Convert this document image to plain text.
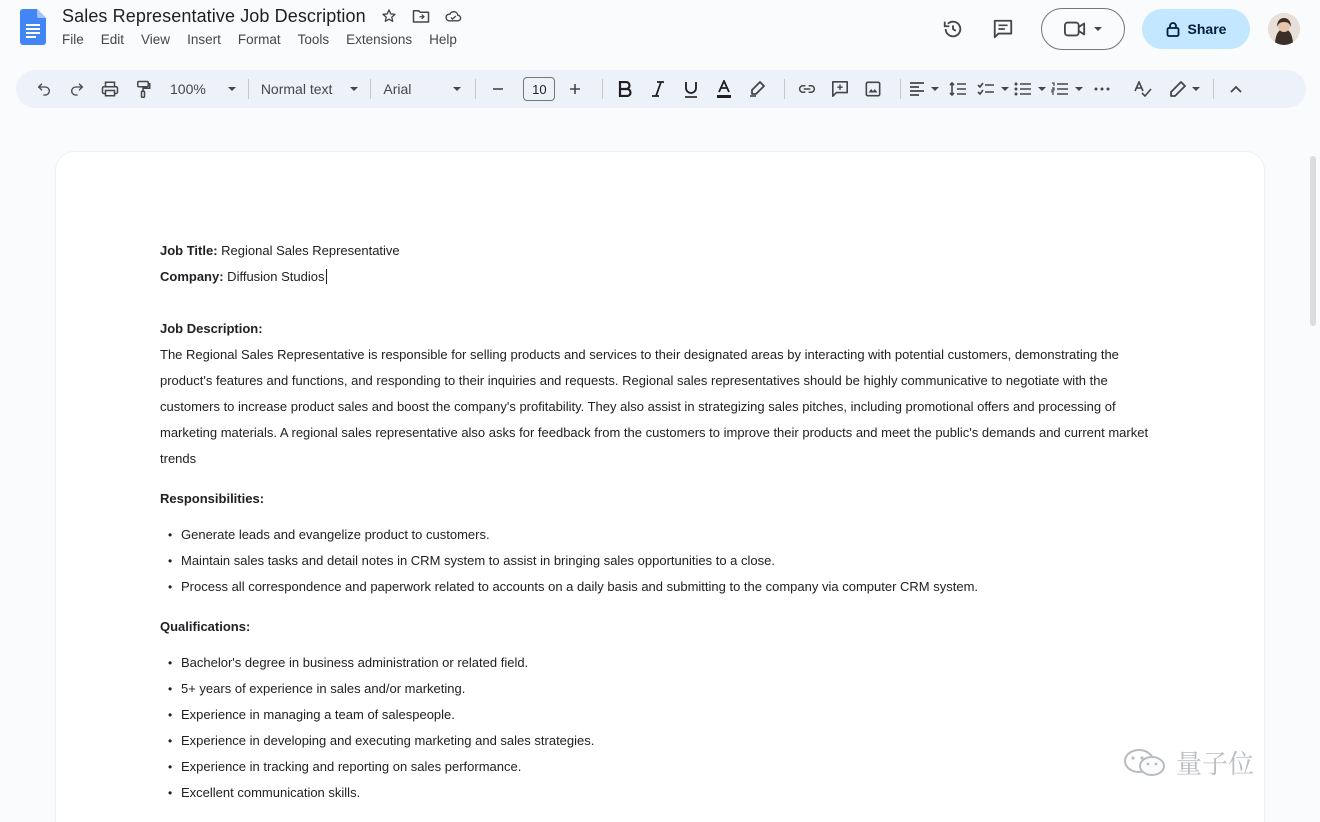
Sales Representative Job Description
File	Edit	View	Insert	Format	Tools	Extensions	Help
Share
100%	Normal text	Arial	10
Job Title: Regional Sales Representative
Company: Diffusion Studios
Job Description:
The Regional Sales Representative is responsible for selling products and services to their designated areas by interacting with potential customers, demonstrating the product's features and functions, and responding to their inquiries and requests. Regional sales representatives should be highly communicative to negotiate with the customers to increase product sales and boost the company's profitability. They also assist in strategizing sales pitches, including promotional offers and processing of marketing materials. A regional sales representative also asks for feedback from the customers to improve their products and meet the public's demands and current market trends
Responsibilities:
• Generate leads and evangelize product to customers.
• Maintain sales tasks and detail notes in CRM system to assist in bringing sales opportunities to a close.
• Process all correspondence and paperwork related to accounts on a daily basis and submitting to the company via computer CRM system.
Qualifications:
• Bachelor's degree in business administration or related field.
• 5+ years of experience in sales and/or marketing.
• Experience in managing a team of salespeople.
• Experience in developing and executing marketing and sales strategies.
• Experience in tracking and reporting on sales performance.
• Excellent communication skills.
量子位
